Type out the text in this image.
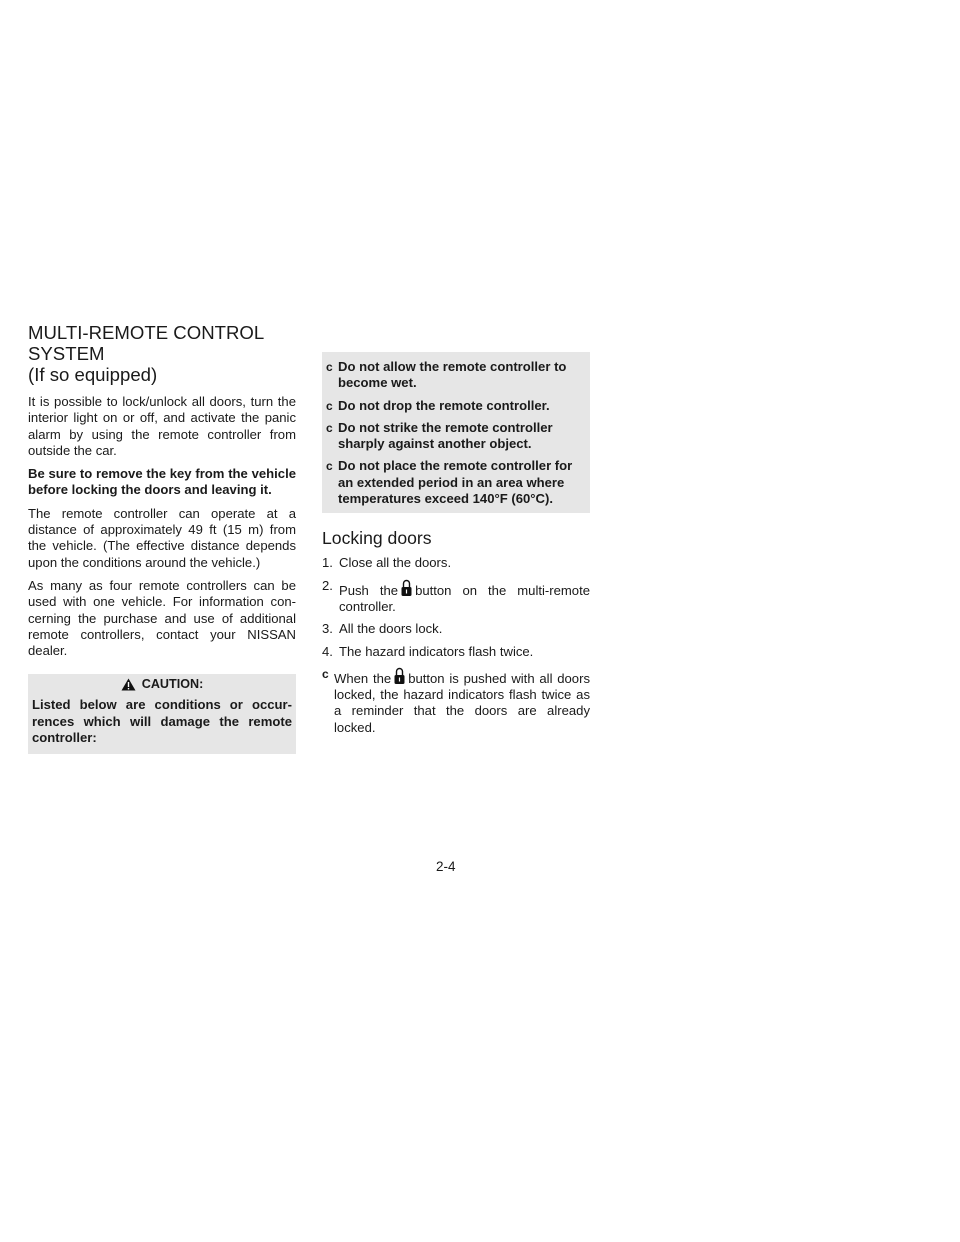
MULTI-REMOTE CONTROL
SYSTEM
(If so equipped)

It is possible to lock/unlock all doors, turn the interior light on or off, and activate the panic alarm by using the remote controller from outside the car.

Be sure to remove the key from the vehicle before locking the doors and leaving it.

The remote controller can operate at a distance of approximately 49 ft (15 m) from the vehicle. (The effective distance depends upon the conditions around the vehicle.)

As many as four remote controllers can be used with one vehicle. For information con- cerning the purchase and use of additional remote controllers, contact your NISSAN dealer.

CAUTION:
Listed below are conditions or occur- rences which will damage the remote controller:
c Do not allow the remote controller to become wet.
c Do not drop the remote controller.
c Do not strike the remote controller sharply against another object.
c Do not place the remote controller for an extended period in an area where temperatures exceed 140°F (60°C).
Locking doors
1. Close all the doors.
2. Push the button on the multi-remote controller.
3. All the doors lock.
4. The hazard indicators flash twice.
c When the button is pushed with all doors locked, the hazard indicators flash twice as a reminder that the doors are already locked.
2-4
